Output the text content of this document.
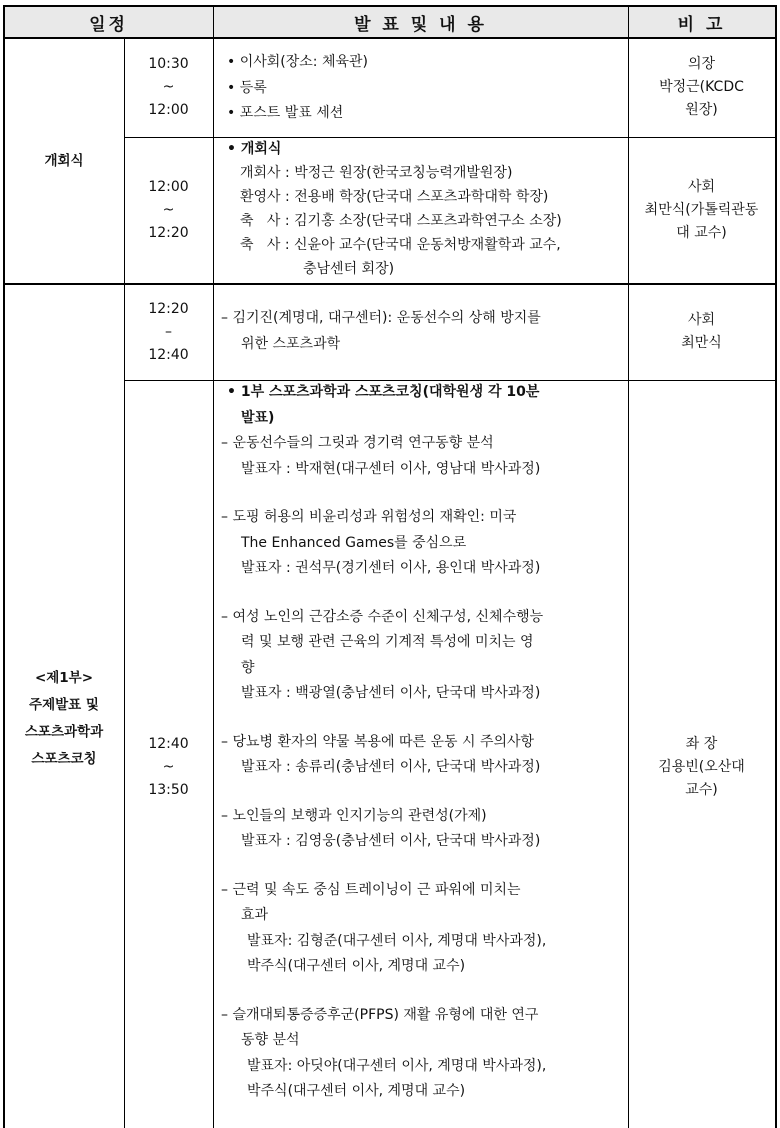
일정	발 표 및 내 용	비 고
개회식
<제1부>
주제발표 및
스포츠과학과
스포츠코칭
10:30
~
12:00
• 이사회(장소: 체육관)
• 등록
• 포스트 발표 세션
의장
박정근(KCDC
원장)
12:00
~
12:20
• 개회식
개회사 : 박정근 원장(한국코칭능력개발원장)
환영사 : 전용배 학장(단국대 스포츠과학대학 학장)
축   사 : 김기홍 소장(단국대 스포츠과학연구소 소장)
축   사 : 신윤아 교수(단국대 운동처방재활학과 교수,
충남센터 회장)
사회
최만식(가톨릭관동
대 교수)
12:20
–
12:40
– 김기진(계명대, 대구센터): 운동선수의 상해 방지를
위한 스포츠과학
사회
최만식
12:40
~
13:50
• 1부 스포츠과학과 스포츠코칭(대학원생 각 10분
발표)
– 운동선수들의 그릿과 경기력 연구동향 분석
발표자 : 박재현(대구센터 이사, 영남대 박사과정)
– 도핑 허용의 비윤리성과 위험성의 재확인: 미국
The Enhanced Games를 중심으로
발표자 : 권석무(경기센터 이사, 용인대 박사과정)
– 여성 노인의 근감소증 수준이 신체구성, 신체수행능
력 및 보행 관련 근육의 기계적 특성에 미치는 영
향
발표자 : 백광열(충남센터 이사, 단국대 박사과정)
– 당뇨병 환자의 약물 복용에 따른 운동 시 주의사항
발표자 : 송류리(충남센터 이사, 단국대 박사과정)
– 노인들의 보행과 인지기능의 관련성(가제)
발표자 : 김영웅(충남센터 이사, 단국대 박사과정)
– 근력 및 속도 중심 트레이닝이 근 파워에 미치는
효과
발표자: 김형준(대구센터 이사, 계명대 박사과정),
박주식(대구센터 이사, 계명대 교수)
– 슬개대퇴통증증후군(PFPS) 재활 유형에 대한 연구
동향 분석
발표자: 아딧야(대구센터 이사, 계명대 박사과정),
박주식(대구센터 이사, 계명대 교수)
좌 장
김용빈(오산대
교수)
